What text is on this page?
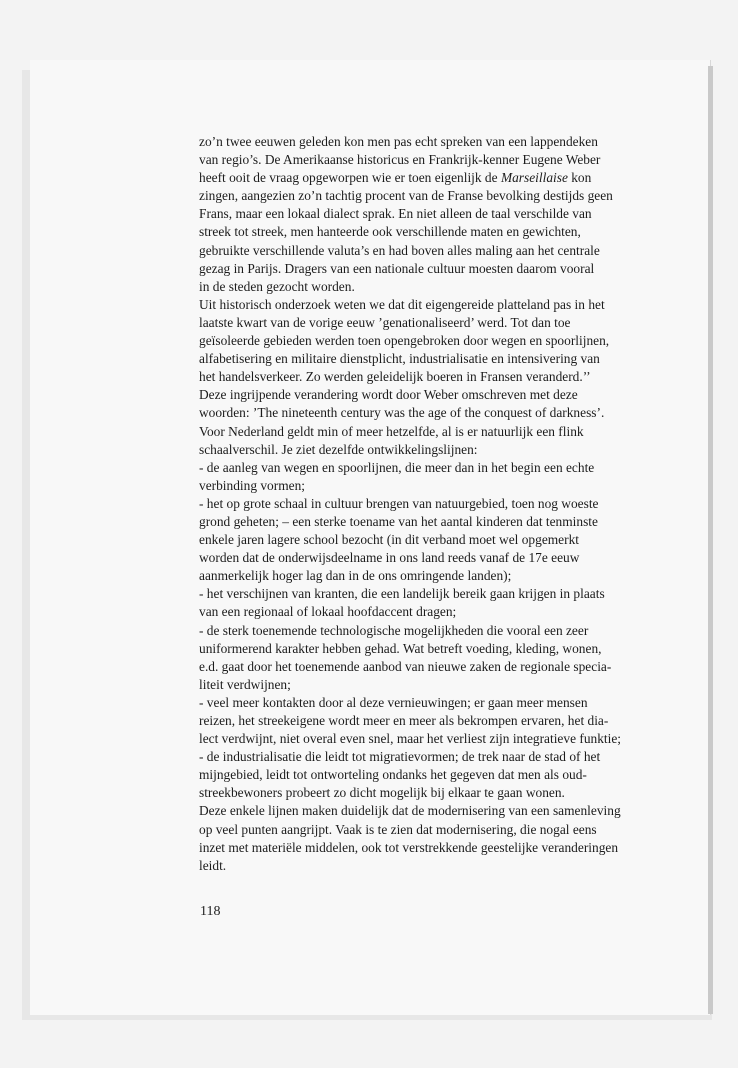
zo’n twee eeuwen geleden kon men pas echt spreken van een lappendeken

van regio’s. De Amerikaanse historicus en Frankrijk-kenner Eugene Weber

heeft ooit de vraag opgeworpen wie er toen eigenlijk de Marseillaise kon

zingen, aangezien zo’n tachtig procent van de Franse bevolking destijds geen

Frans, maar een lokaal dialect sprak. En niet alleen de taal verschilde van

streek tot streek, men hanteerde ook verschillende maten en gewichten,

gebruikte verschillende valuta’s en had boven alles maling aan het centrale

gezag in Parijs. Dragers van een nationale cultuur moesten daarom vooral

in de steden gezocht worden.

Uit historisch onderzoek weten we dat dit eigengereide platteland pas in het

laatste kwart van de vorige eeuw ’genationaliseerd’ werd. Tot dan toe

geïsoleerde gebieden werden toen opengebroken door wegen en spoorlijnen,

alfabetisering en militaire dienstplicht, industrialisatie en intensivering van

het handelsverkeer. Zo werden geleidelijk boeren in Fransen veranderd.’’

Deze ingrijpende verandering wordt door Weber omschreven met deze

woorden: ’The nineteenth century was the age of the conquest of darkness’.

Voor Nederland geldt min of meer hetzelfde, al is er natuurlijk een flink

schaalverschil. Je ziet dezelfde ontwikkelingslijnen:

- de aanleg van wegen en spoorlijnen, die meer dan in het begin een echte

verbinding vormen;

- het op grote schaal in cultuur brengen van natuurgebied, toen nog woeste

grond geheten; – een sterke toename van het aantal kinderen dat tenminste

enkele jaren lagere school bezocht (in dit verband moet wel opgemerkt

worden dat de onderwijsdeelname in ons land reeds vanaf de 17e eeuw

aanmerkelijk hoger lag dan in de ons omringende landen);

- het verschijnen van kranten, die een landelijk bereik gaan krijgen in plaats

van een regionaal of lokaal hoofdaccent dragen;

- de sterk toenemende technologische mogelijkheden die vooral een zeer

uniformerend karakter hebben gehad. Wat betreft voeding, kleding, wonen,

e.d. gaat door het toenemende aanbod van nieuwe zaken de regionale specia-

liteit verdwijnen;

- veel meer kontakten door al deze vernieuwingen; er gaan meer mensen

reizen, het streekeigene wordt meer en meer als bekrompen ervaren, het dia-

lect verdwijnt, niet overal even snel, maar het verliest zijn integratieve funktie;

- de industrialisatie die leidt tot migratievormen; de trek naar de stad of het

mijngebied, leidt tot ontworteling ondanks het gegeven dat men als oud-

streekbewoners probeert zo dicht mogelijk bij elkaar te gaan wonen.

Deze enkele lijnen maken duidelijk dat de modernisering van een samenleving

op veel punten aangrijpt. Vaak is te zien dat modernisering, die nogal eens

inzet met materiële middelen, ook tot verstrekkende geestelijke veranderingen

leidt.

118
